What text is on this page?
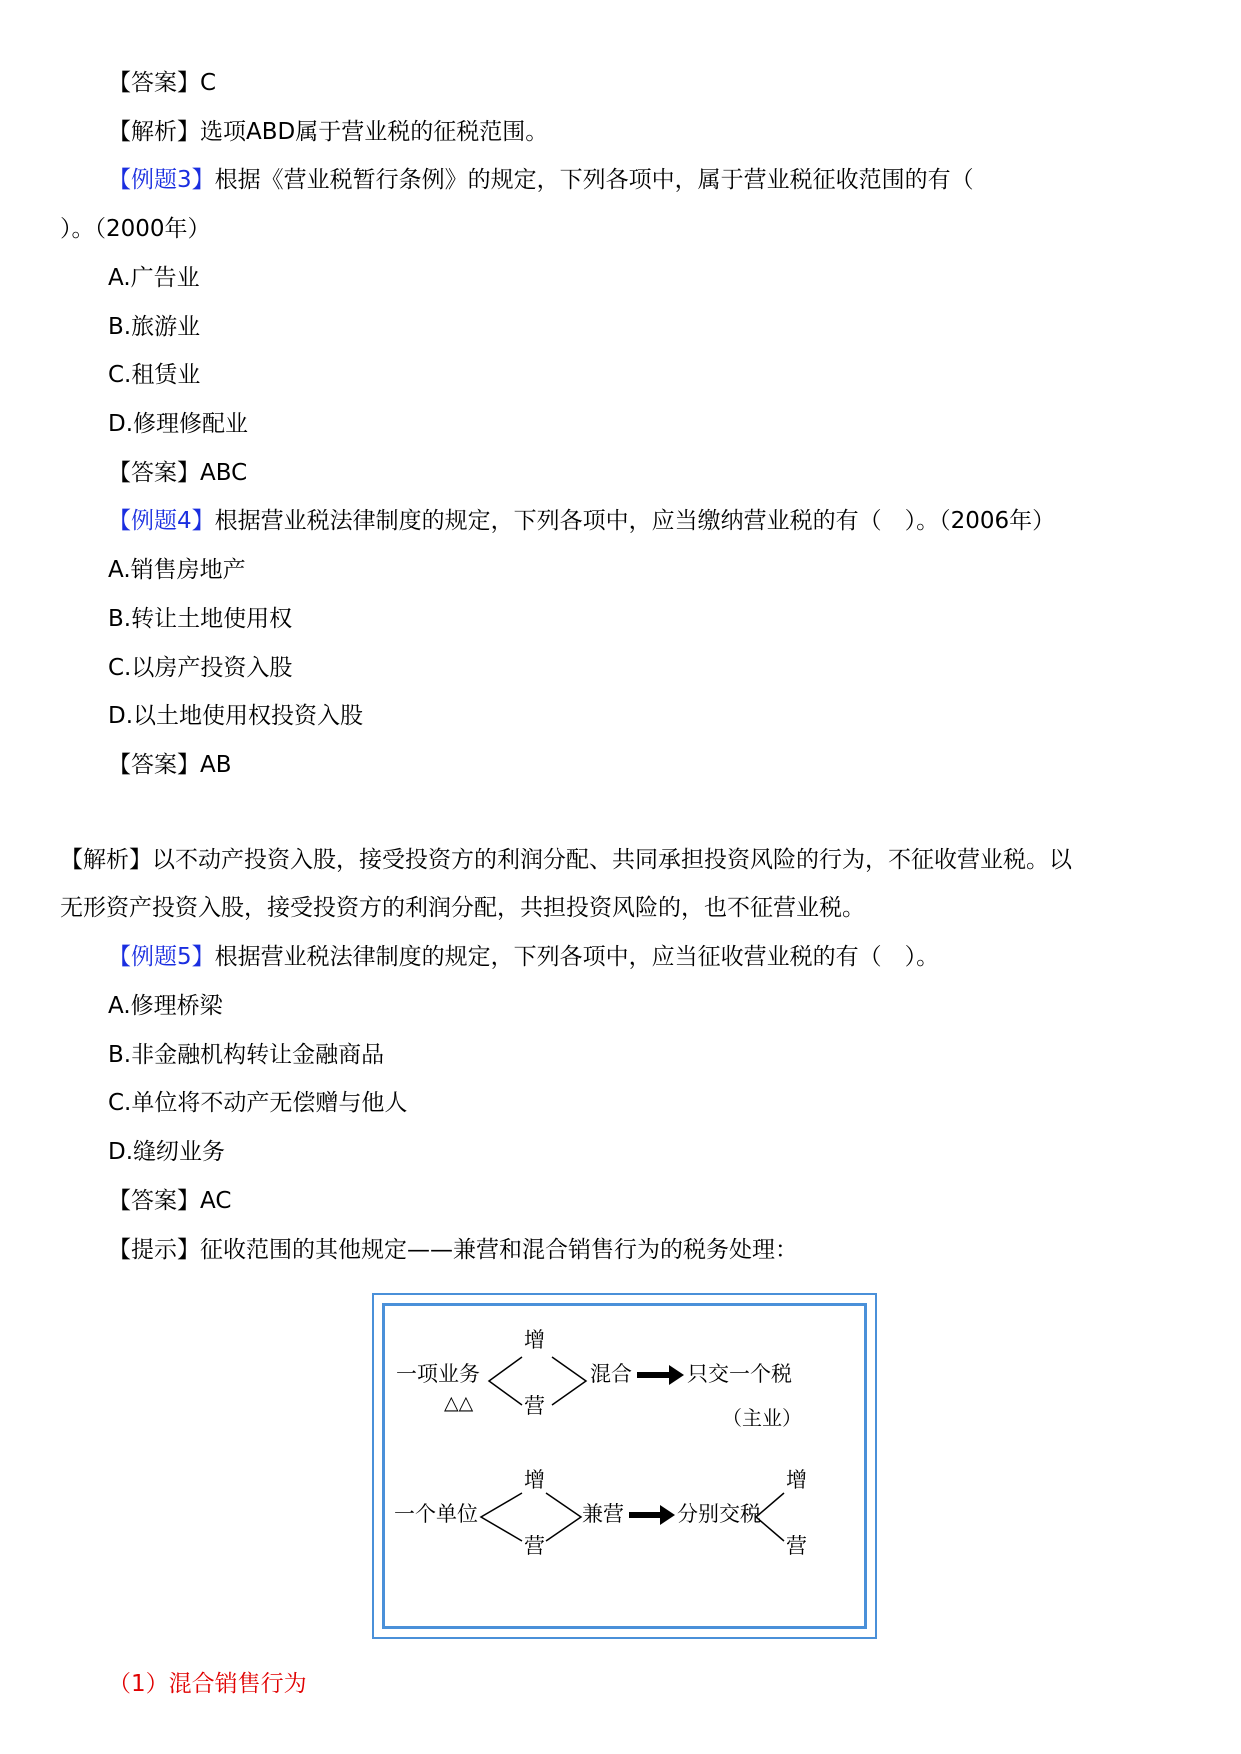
【答案】C
【解析】选项ABD属于营业税的征税范围。
【例题3】根据《营业税暂行条例》的规定，下列各项中，属于营业税征收范围的有（
）。（2000年）
A.广告业
B.旅游业
C.租赁业
D.修理修配业
【答案】ABC
【例题4】根据营业税法律制度的规定，下列各项中，应当缴纳营业税的有（　）。（2006年）
A.销售房地产
B.转让土地使用权
C.以房产投资入股
D.以土地使用权投资入股
【答案】AB
【解析】以不动产投资入股，接受投资方的利润分配、共同承担投资风险的行为，不征收营业税。以
无形资产投资入股，接受投资方的利润分配，共担投资风险的，也不征营业税。
【例题5】根据营业税法律制度的规定，下列各项中，应当征收营业税的有（　）。
A.修理桥梁
B.非金融机构转让金融商品
C.单位将不动产无偿赠与他人
D.缝纫业务
【答案】AC
【提示】征收范围的其他规定——兼营和混合销售行为的税务处理：
一项业务
△△
增
营
混合	只交一个税
（主业）
一个单位
增
营
兼营	分别交税
增
营
（1）混合销售行为
